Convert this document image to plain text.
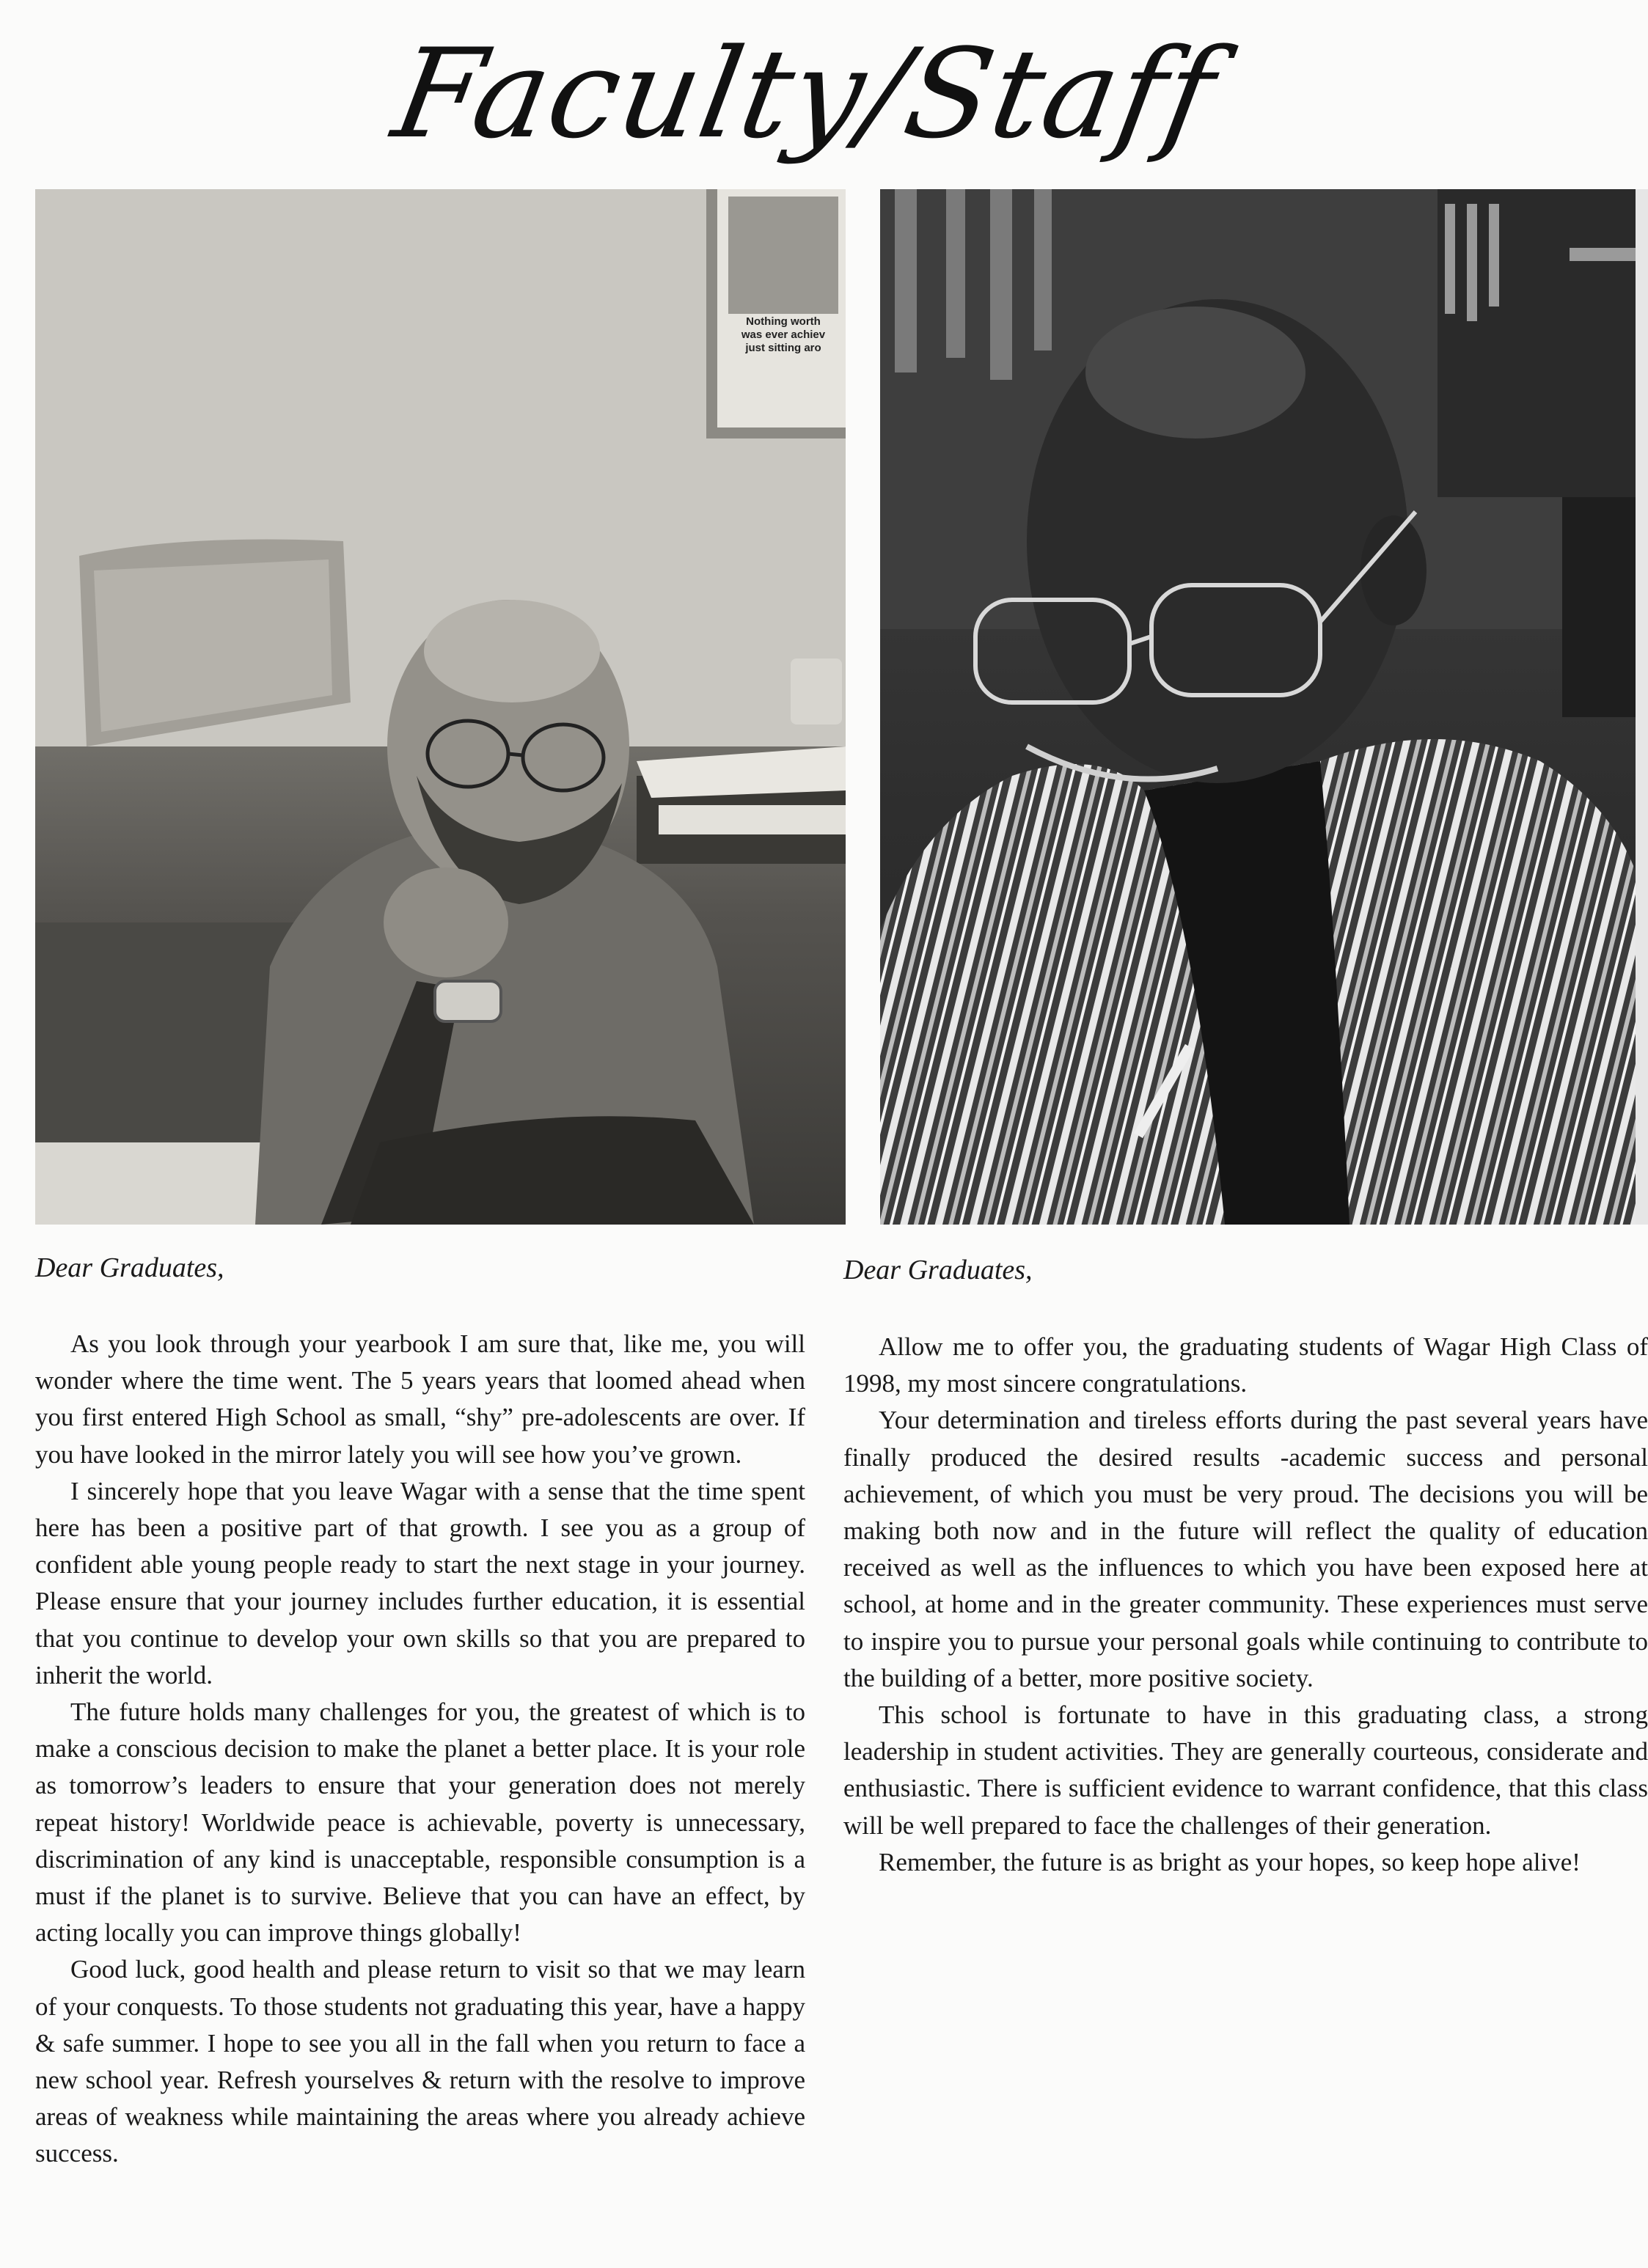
Faculty/Staff
Nothing worth
was ever achiev
just sitting aro
Dear Graduates,	Dear Graduates,

As you look through your yearbook I am sure that, like me, you will wonder where the time went. The 5 years years that loomed ahead when you first entered High School as small, “shy” pre-adolescents are over. If you have looked in the mirror lately you will see how you’ve grown.

I sincerely hope that you leave Wagar with a sense that the time spent here has been a positive part of that growth. I see you as a group of confident able young people ready to start the next stage in your journey. Please ensure that your journey includes further education, it is essential that you continue to develop your own skills so that you are prepared to inherit the world.

The future holds many challenges for you, the greatest of which is to make a conscious decision to make the planet a better place. It is your role as tomorrow’s leaders to ensure that your generation does not merely repeat history! Worldwide peace is achievable, poverty is unnecessary, discrimination of any kind is unacceptable, responsible consumption is a must if the planet is to survive. Believe that you can have an effect, by acting locally you can improve things globally!

Good luck, good health and please return to visit so that we may learn of your conquests. To those students not graduating this year, have a happy & safe summer. I hope to see you all in the fall when you return to face a new school year. Refresh yourselves & return with the resolve to improve areas of weakness while maintaining the areas where you already achieve success.

Allow me to offer you, the graduating students of Wagar High Class of 1998, my most sincere congratulations.

Your determination and tireless efforts during the past several years have finally produced the desired results -academic success and personal achievement, of which you must be very proud. The decisions you will be making both now and in the future will reflect the quality of education received as well as the influences to which you have been exposed here at school, at home and in the greater community. These experiences must serve to inspire you to pursue your personal goals while continuing to contribute to the building of a better, more positive society.

This school is fortunate to have in this graduating class, a strong leadership in student activities. They are generally courteous, considerate and enthusiastic. There is sufficient evidence to warrant confidence, that this class will be well prepared to face the challenges of their generation.

Remember, the future is as bright as your hopes, so keep hope alive!
